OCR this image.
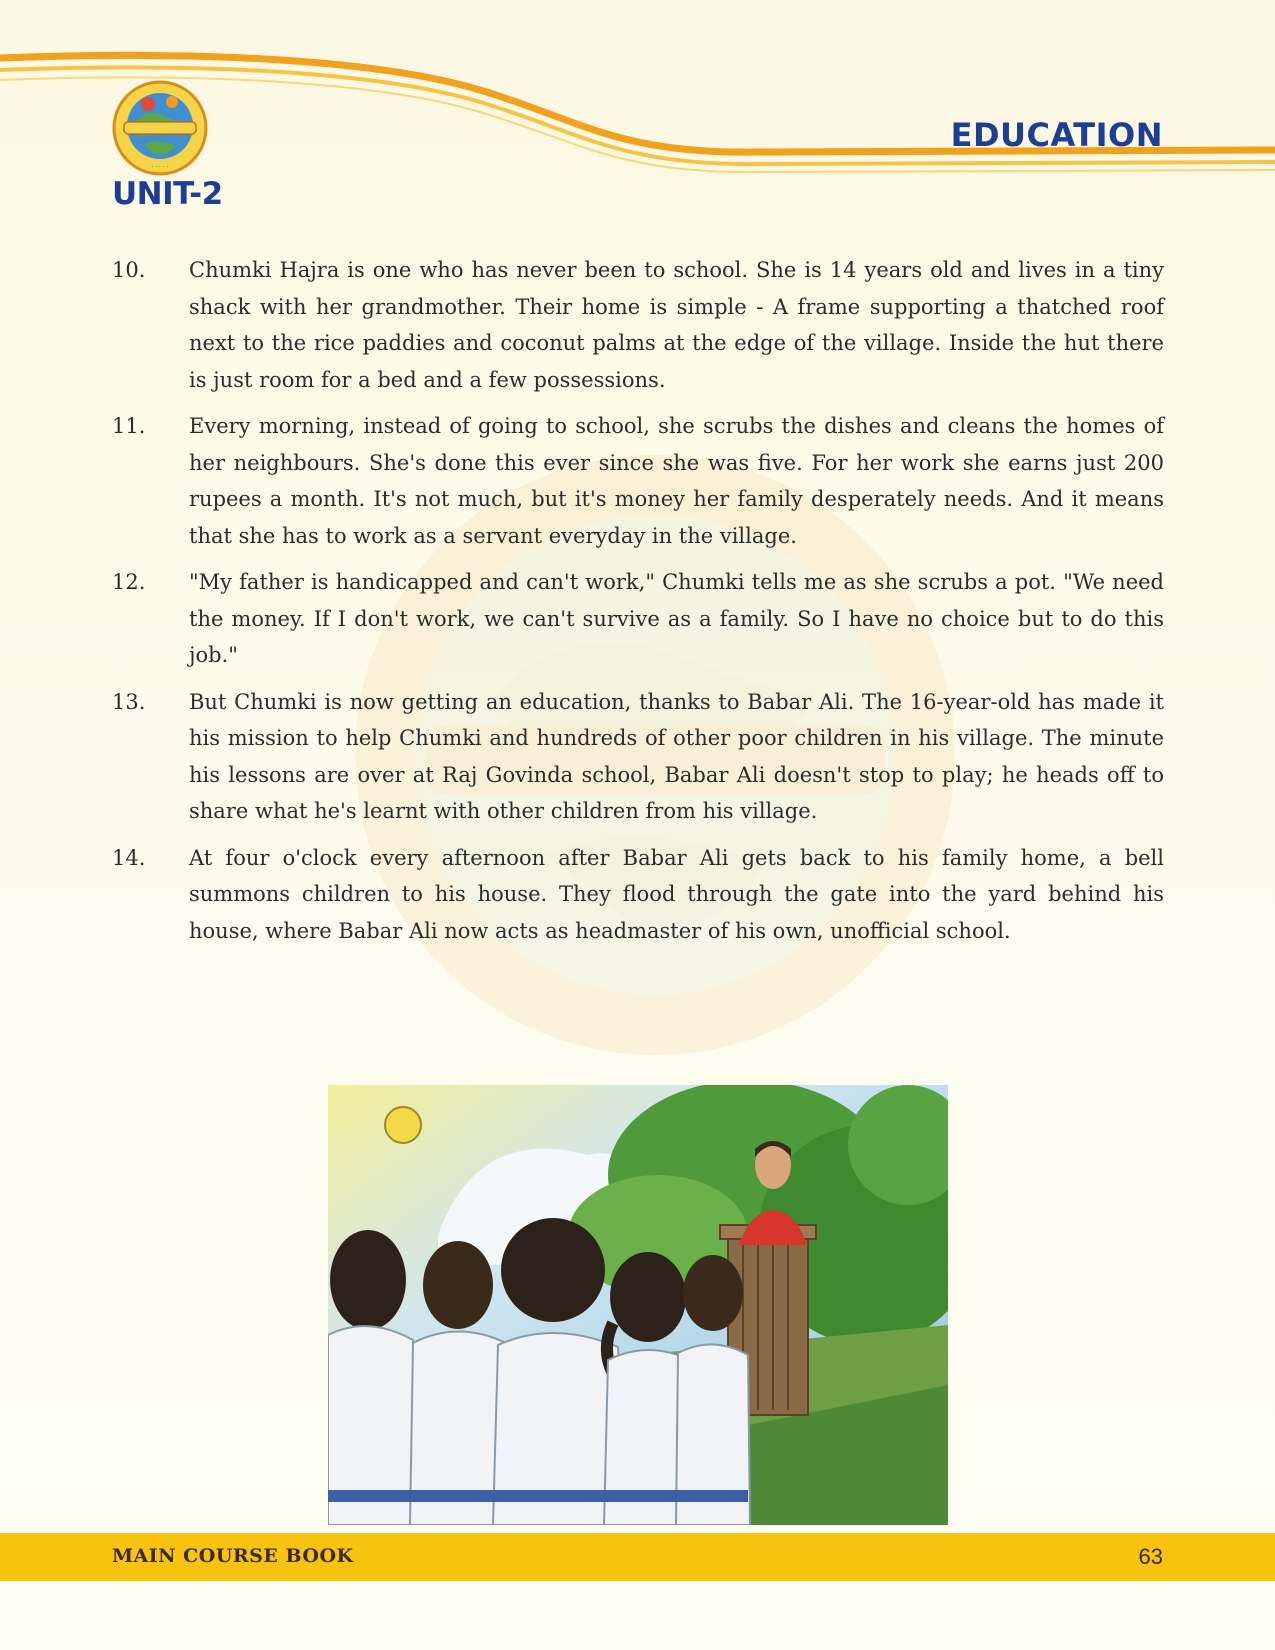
· · · · ·
UNIT-2
EDUCATION
10.	Chumki Hajra is one who has never been to school. She is 14 years old and lives in a tiny shack with her grandmother. Their home is simple - A frame supporting a thatched roof next to the rice paddies and coconut palms at the edge of the village. Inside the hut there is just room for a bed and a few possessions.
11.	Every morning, instead of going to school, she scrubs the dishes and cleans the homes of her neighbours. She's done this ever since she was five. For her work she earns just 200 rupees a month. It's not much, but it's money her family desperately needs. And it means that she has to work as a servant everyday in the village.
12.	"My father is handicapped and can't work," Chumki tells me as she scrubs a pot. "We need the money. If I don't work, we can't survive as a family. So I have no choice but to do this job."
13.	But Chumki is now getting an education, thanks to Babar Ali. The 16-year-old has made it his mission to help Chumki and hundreds of other poor children in his village. The minute his lessons are over at Raj Govinda school, Babar Ali doesn't stop to play; he heads off to share what he's learnt with other children from his village.
14.	At four o'clock every afternoon after Babar Ali gets back to his family home, a bell summons children to his house. They flood through the gate into the yard behind his house, where Babar Ali now acts as headmaster of his own, unofficial school.
MAIN COURSE BOOK	63
